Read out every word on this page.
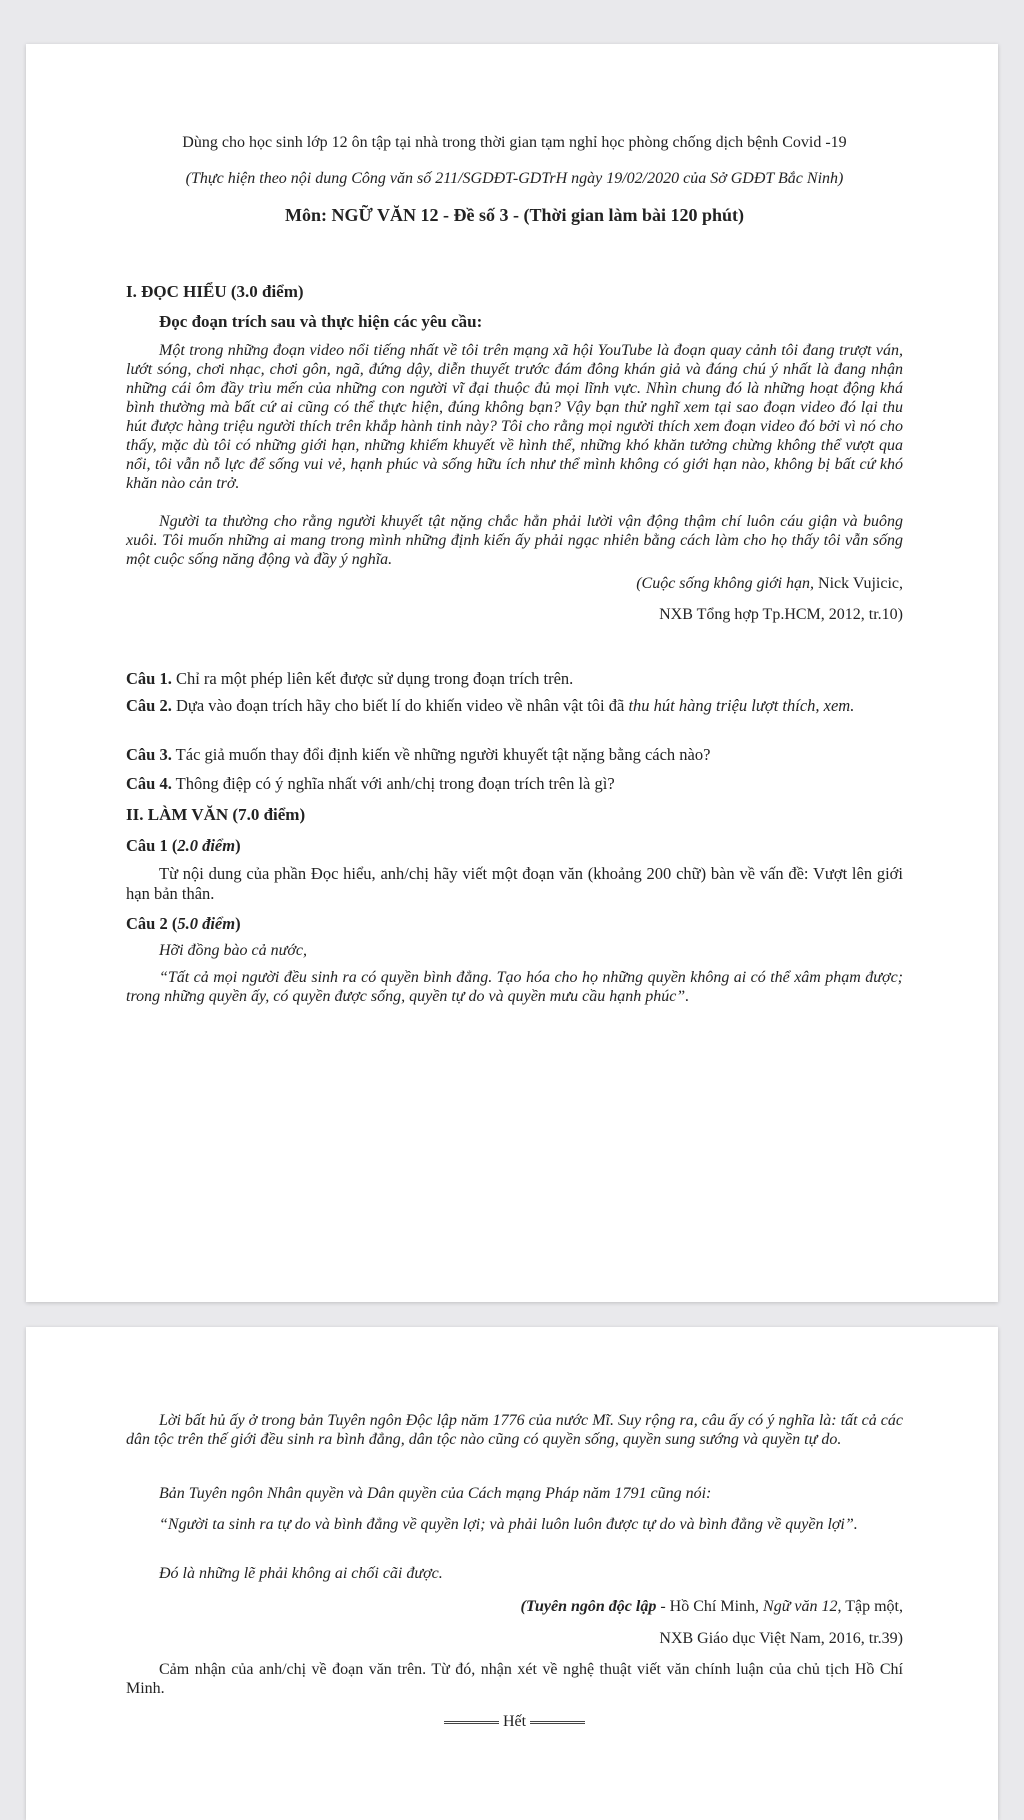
Dùng cho học sinh lớp 12 ôn tập tại nhà trong thời gian tạm nghỉ học phòng chống dịch bệnh Covid -19
(Thực hiện theo nội dung Công văn số 211/SGDĐT-GDTrH ngày 19/02/2020 của Sở GDĐT Bắc Ninh)
Môn: NGỮ VĂN 12 - Đề số 3 - (Thời gian làm bài 120 phút)
I. ĐỌC HIỂU (3.0 điểm)
Đọc đoạn trích sau và thực hiện các yêu cầu:

Một trong những đoạn video nổi tiếng nhất về tôi trên mạng xã hội YouTube là đoạn quay cảnh tôi đang trượt ván, lướt sóng, chơi nhạc, chơi gôn, ngã, đứng dậy, diễn thuyết trước đám đông khán giả và đáng chú ý nhất là đang nhận những cái ôm đầy trìu mến của những con người vĩ đại thuộc đủ mọi lĩnh vực. Nhìn chung đó là những hoạt động khá bình thường mà bất cứ ai cũng có thể thực hiện, đúng không bạn? Vậy bạn thử nghĩ xem tại sao đoạn video đó lại thu hút được hàng triệu người thích trên khắp hành tinh này? Tôi cho rằng mọi người thích xem đoạn video đó bởi vì nó cho thấy, mặc dù tôi có những giới hạn, những khiếm khuyết về hình thể, những khó khăn tưởng chừng không thể vượt qua nổi, tôi vẫn nỗ lực để sống vui vẻ, hạnh phúc và sống hữu ích như thể mình không có giới hạn nào, không bị bất cứ khó khăn nào cản trở.

Người ta thường cho rằng người khuyết tật nặng chắc hẳn phải lười vận động thậm chí luôn cáu giận và buông xuôi. Tôi muốn những ai mang trong mình những định kiến ấy phải ngạc nhiên bằng cách làm cho họ thấy tôi vẫn sống một cuộc sống năng động và đầy ý nghĩa.

(Cuộc sống không giới hạn, Nick Vujicic,
NXB Tổng hợp Tp.HCM, 2012, tr.10)
Câu 1. Chỉ ra một phép liên kết được sử dụng trong đoạn trích trên.
Câu 2. Dựa vào đoạn trích hãy cho biết lí do khiến video về nhân vật tôi đã thu hút hàng triệu lượt thích, xem.
Câu 3. Tác giả muốn thay đổi định kiến về những người khuyết tật nặng bằng cách nào?
Câu 4. Thông điệp có ý nghĩa nhất với anh/chị trong đoạn trích trên là gì?
II. LÀM VĂN (7.0 điểm)
Câu 1 (2.0 điểm)

Từ nội dung của phần Đọc hiểu, anh/chị hãy viết một đoạn văn (khoảng 200 chữ) bàn về vấn đề: Vượt lên giới hạn bản thân.

Câu 2 (5.0 điểm)
Hỡi đồng bào cả nước,

“Tất cả mọi người đều sinh ra có quyền bình đẳng. Tạo hóa cho họ những quyền không ai có thể xâm phạm được; trong những quyền ấy, có quyền được sống, quyền tự do và quyền mưu cầu hạnh phúc”.

Lời bất hủ ấy ở trong bản Tuyên ngôn Độc lập năm 1776 của nước Mĩ. Suy rộng ra, câu ấy có ý nghĩa là: tất cả các dân tộc trên thế giới đều sinh ra bình đẳng, dân tộc nào cũng có quyền sống, quyền sung sướng và quyền tự do.

Bản Tuyên ngôn Nhân quyền và Dân quyền của Cách mạng Pháp năm 1791 cũng nói:

“Người ta sinh ra tự do và bình đẳng về quyền lợi; và phải luôn luôn được tự do và bình đẳng về quyền lợi”.

Đó là những lẽ phải không ai chối cãi được.

(Tuyên ngôn độc lập - Hồ Chí Minh, Ngữ văn 12, Tập một,
NXB Giáo dục Việt Nam, 2016, tr.39)

Cảm nhận của anh/chị về đoạn văn trên. Từ đó, nhận xét về nghệ thuật viết văn chính luận của chủ tịch Hồ Chí Minh.

Hết
